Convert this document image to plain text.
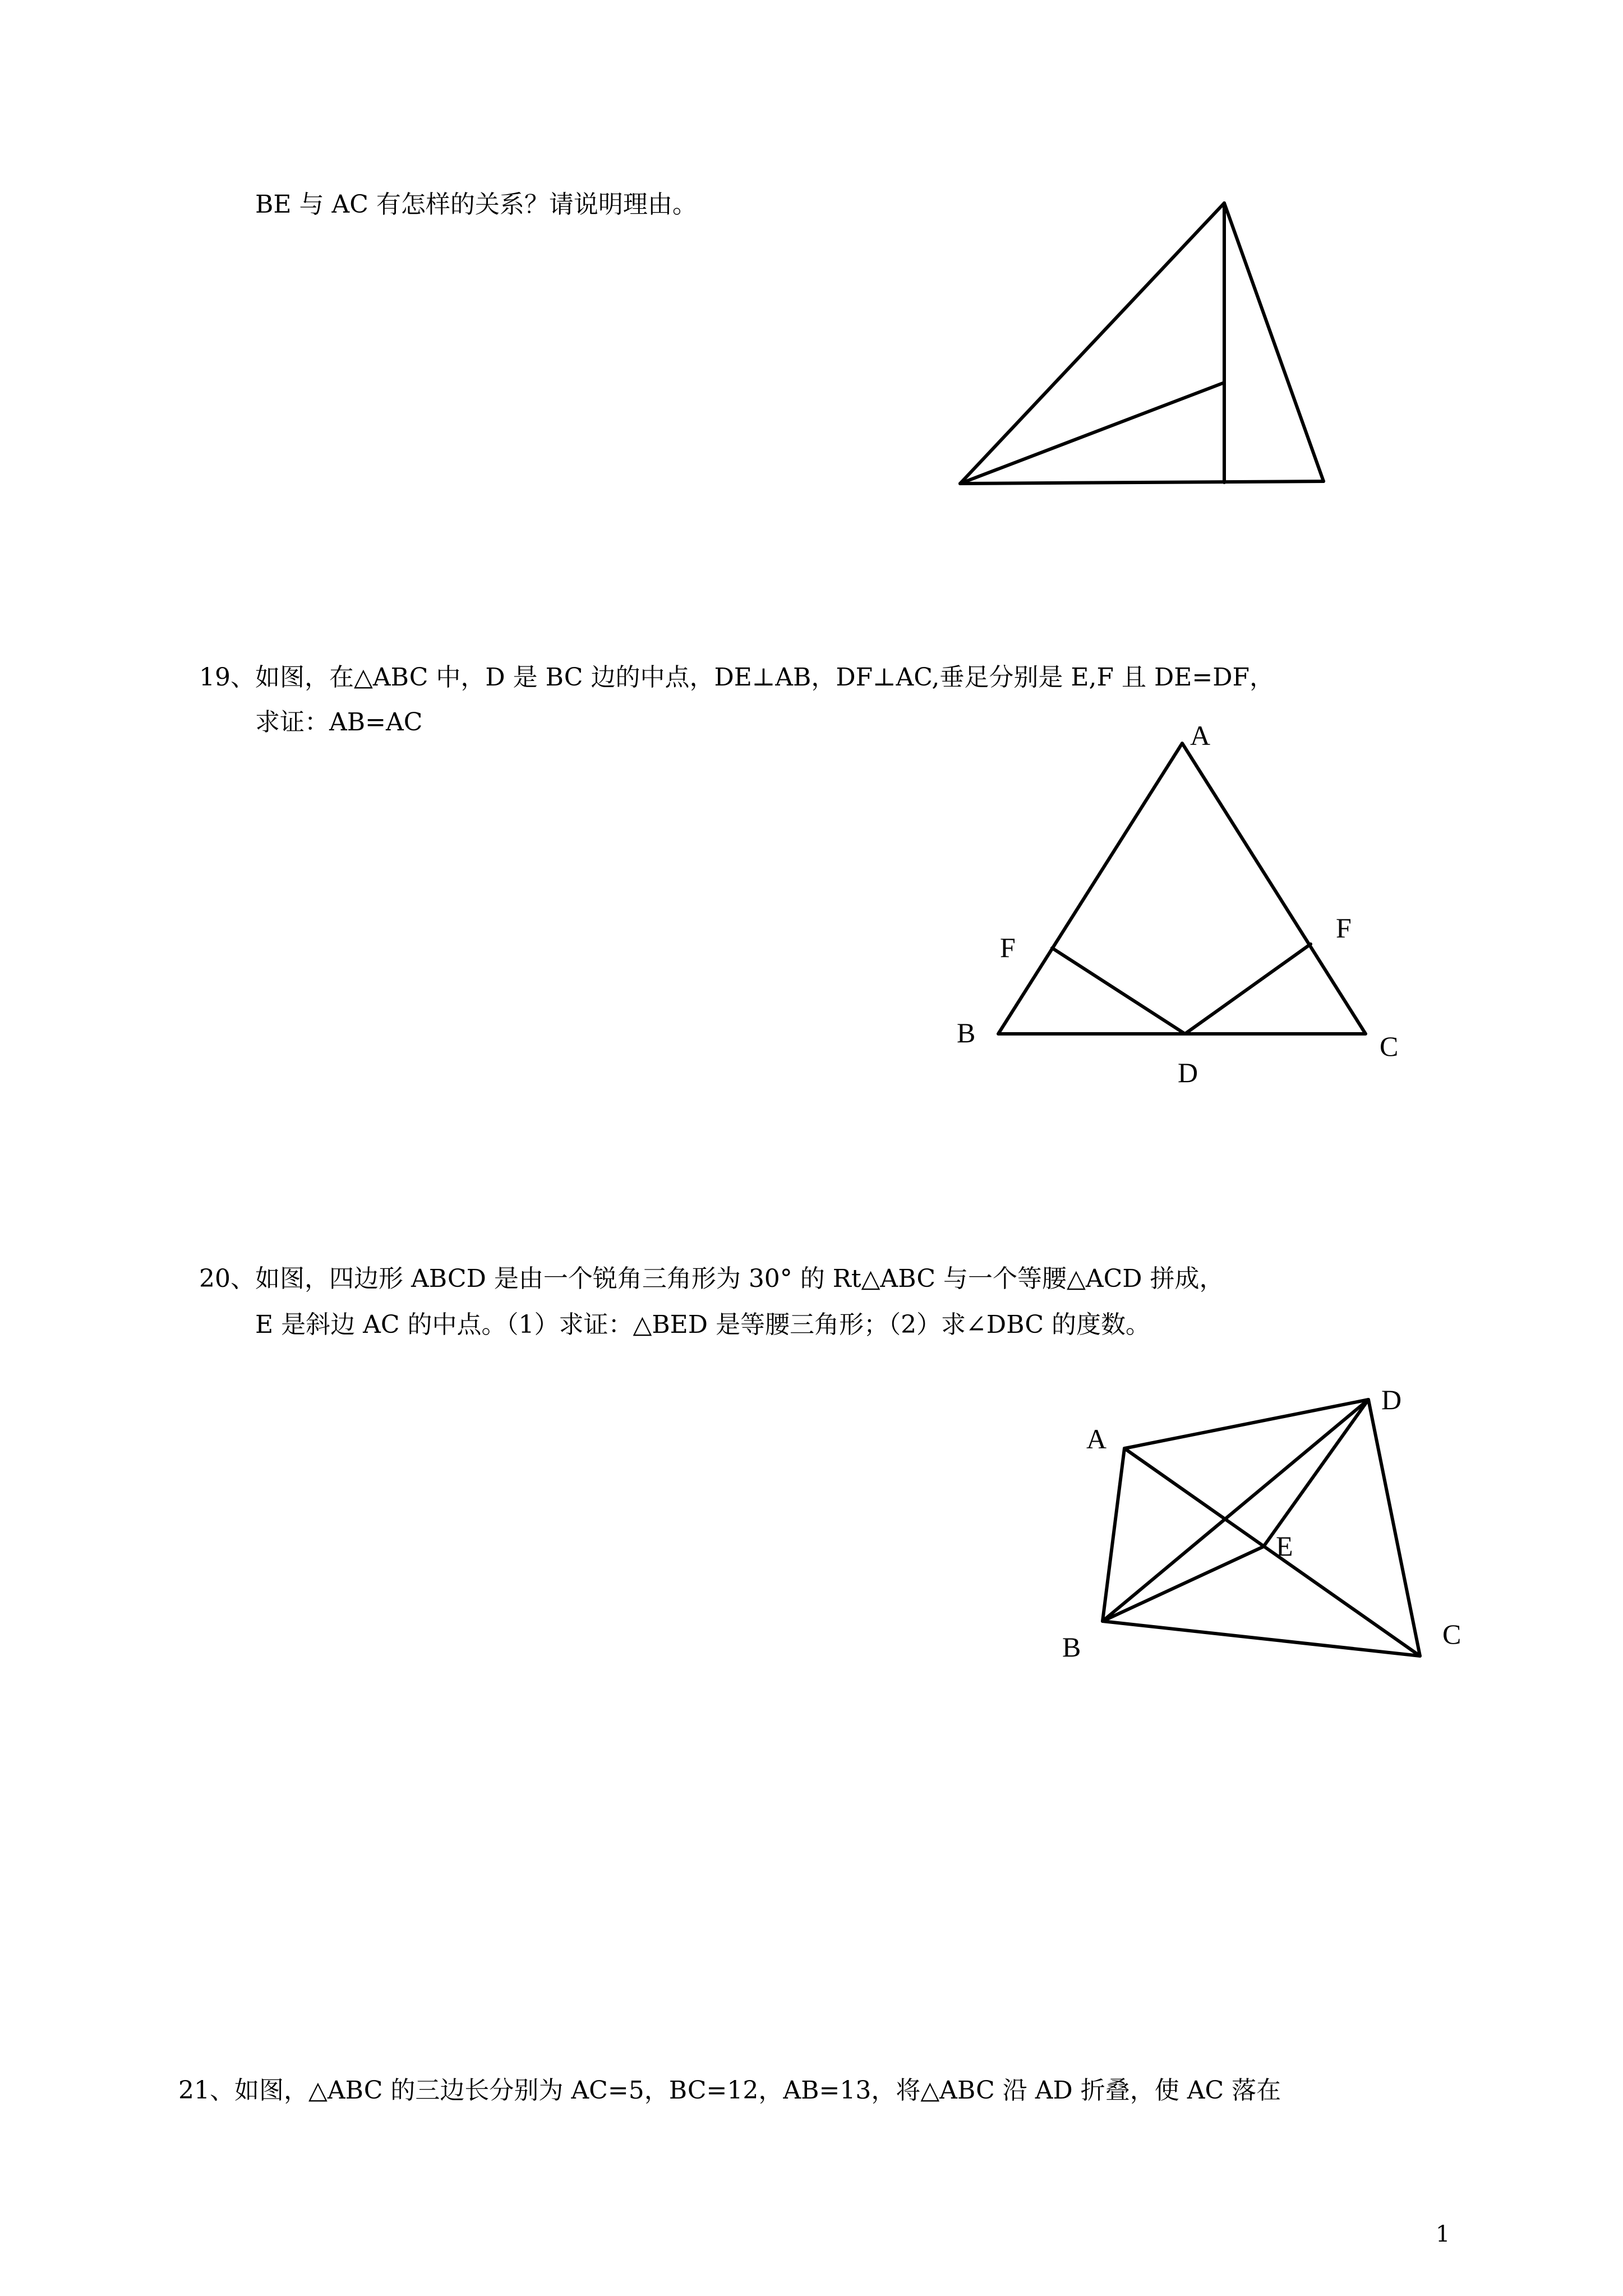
BE 与 AC 有怎样的关系？请说明理由。
19、如图，在△ABC 中，D 是 BC 边的中点，DE⊥AB，DF⊥AC,垂足分别是 E,F 且 DE=DF，
求证：AB=AC	A
F
F
B	C
D
20、如图，四边形 ABCD 是由一个锐角三角形为 30° 的 Rt△ABC 与一个等腰△ACD 拼成，
E 是斜边 AC 的中点。（1）求证：△BED 是等腰三角形；（2）求∠DBC 的度数。
A
D
E
B	C
21、如图，△ABC 的三边长分别为 AC=5，BC=12，AB=13，将△ABC 沿 AD 折叠，使 AC 落在
1
